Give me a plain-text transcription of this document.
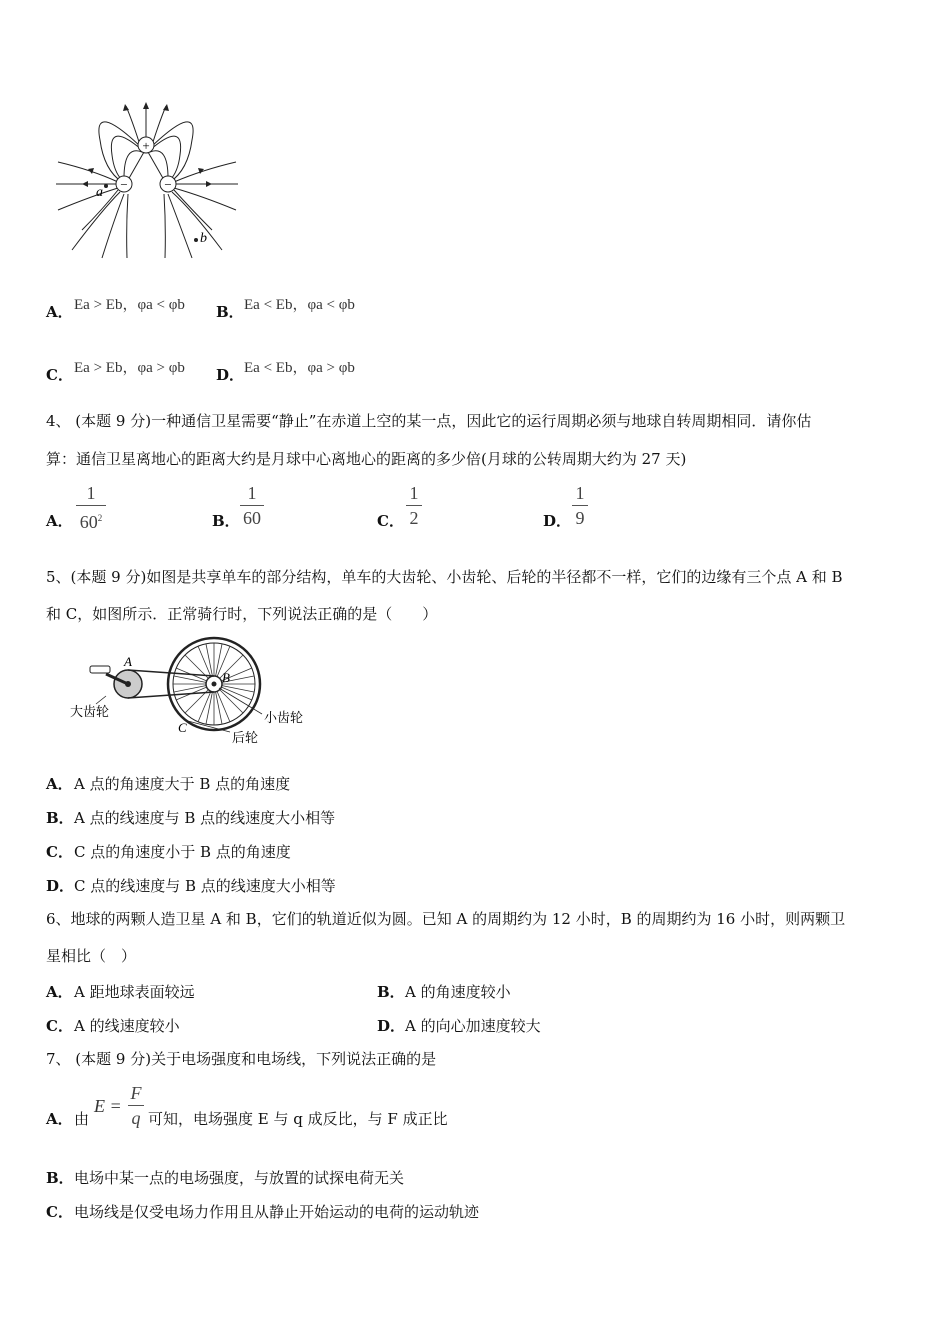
+
−	−
a
b
A． Ea > Eb，φa < φb B． Ea < Eb，φa < φb
C． Ea > Eb，φa > φb D． Ea < Eb，φa > φb
4、 (本题 9 分)一种通信卫星需要“静止”在赤道上空的某一点，因此它的运行周期必须与地球自转周期相同．请你估
算：通信卫星离地心的距离大约是月球中心离地心的距离的多少倍(月球的公转周期大约为 27 天)
A．
1
$60^2$	B．
1
60	C．
1
2	D．
1
9
5、(本题 9 分)如图是共享单车的部分结构，单车的大齿轮、小齿轮、后轮的半径都不一样，它们的边缘有三个点 A 和 B
和 C，如图所示．正常骑行时，下列说法正确的是（　　）
A
B
C
大齿轮	小齿轮
后轮
A． A 点的角速度大于 B 点的角速度
B． A 点的线速度与 B 点的线速度大小相等
C． C 点的角速度小于 B 点的角速度
D． C 点的线速度与 B 点的线速度大小相等
6、地球的两颗人造卫星 A 和 B，它们的轨道近似为圆。已知 A 的周期约为 12 小时，B 的周期约为 16 小时，则两颗卫
星相比（　）
A． A 距地球表面较远	B． A 的角速度较小
C． A 的线速度较小	D． A 的向心加速度较大
7、 (本题 9 分)关于电场强度和电场线，下列说法正确的是
A． 由
E =
F
q 可知，电场强度 E 与 q 成反比，与 F 成正比
B． 电场中某一点的电场强度，与放置的试探电荷无关
C． 电场线是仅受电场力作用且从静止开始运动的电荷的运动轨迹
